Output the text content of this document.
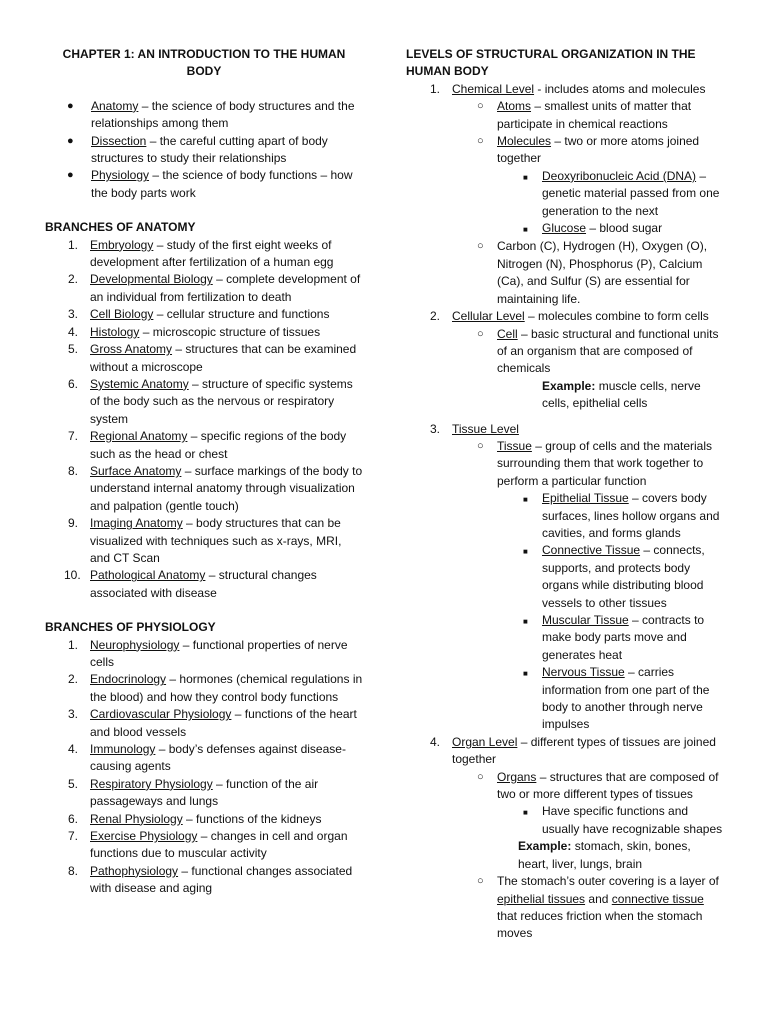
CHAPTER 1: AN INTRODUCTION TO THE HUMAN BODY
●	Anatomy – the science of body structures and the relationships among them
●	Dissection – the careful cutting apart of body structures to study their relationships
●	Physiology – the science of body functions – how the body parts work
BRANCHES OF ANATOMY
1. Embryology – study of the first eight weeks of development after fertilization of a human egg
2. Developmental Biology – complete development of an individual from fertilization to death
3. Cell Biology – cellular structure and functions
4. Histology – microscopic structure of tissues
5. Gross Anatomy – structures that can be examined without a microscope
6. Systemic Anatomy – structure of specific systems of the body such as the nervous or respiratory system
7. Regional Anatomy – specific regions of the body such as the head or chest
8. Surface Anatomy – surface markings of the body to understand internal anatomy through visualization and palpation (gentle touch)
9. Imaging Anatomy – body structures that can be visualized with techniques such as x-rays, MRI, and CT Scan
10. Pathological Anatomy – structural changes associated with disease
BRANCHES OF PHYSIOLOGY
1. Neurophysiology – functional properties of nerve cells
2. Endocrinology – hormones (chemical regulations in the blood) and how they control body functions
3. Cardiovascular Physiology – functions of the heart and blood vessels
4. Immunology – body’s defenses against disease-causing agents
5. Respiratory Physiology – function of the air passageways and lungs
6. Renal Physiology – functions of the kidneys
7. Exercise Physiology – changes in cell and organ functions due to muscular activity
8. Pathophysiology – functional changes associated with disease and aging
LEVELS OF STRUCTURAL ORGANIZATION IN THE HUMAN BODY
1. Chemical Level - includes atoms and molecules
○	Atoms – smallest units of matter that participate in chemical reactions
○	Molecules – two or more atoms joined together
■	Deoxyribonucleic Acid (DNA) – genetic material passed from one generation to the next
■	Glucose – blood sugar
○	Carbon (C), Hydrogen (H), Oxygen (O), Nitrogen (N), Phosphorus (P), Calcium (Ca), and Sulfur (S) are essential for maintaining life.
2. Cellular Level – molecules combine to form cells
○	Cell – basic structural and functional units of an organism that are composed of chemicals
Example: muscle cells, nerve cells, epithelial cells
3. Tissue Level
○	Tissue – group of cells and the materials surrounding them that work together to perform a particular function
■	Epithelial Tissue – covers body surfaces, lines hollow organs and cavities, and forms glands
■	Connective Tissue – connects, supports, and protects body organs while distributing blood vessels to other tissues
■	Muscular Tissue – contracts to make body parts move and generates heat
■	Nervous Tissue – carries information from one part of the body to another through nerve impulses
4. Organ Level – different types of tissues are joined together
○	Organs – structures that are composed of two or more different types of tissues
■	Have specific functions and usually have recognizable shapes
Example: stomach, skin, bones, heart, liver, lungs, brain
○	The stomach’s outer covering is a layer of epithelial tissues and connective tissue that reduces friction when the stomach moves
